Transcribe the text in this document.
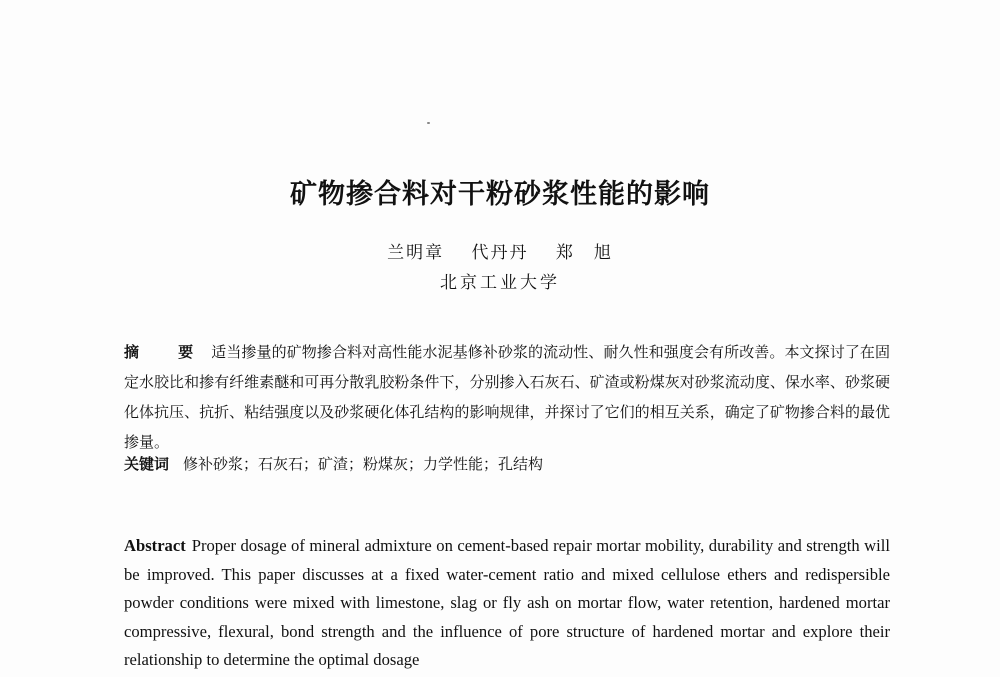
矿物掺合料对干粉砂浆性能的影响
兰明章 代丹丹 郑　旭
北京工业大学
摘　要 适当掺量的矿物掺合料对高性能水泥基修补砂浆的流动性、耐久性和强度会有所改善。本文探讨了在固定水胶比和掺有纤维素醚和可再分散乳胶粉条件下，分别掺入石灰石、矿渣或粉煤灰对砂浆流动度、保水率、砂浆硬化体抗压、抗折、粘结强度以及砂浆硬化体孔结构的影响规律，并探讨了它们的相互关系，确定了矿物掺合料的最优掺量。
关键词 修补砂浆；石灰石；矿渣；粉煤灰；力学性能；孔结构
Abstract Proper dosage of mineral admixture on cement-based repair mortar mobility, durability and strength will be improved. This paper discusses at a fixed water-cement ratio and mixed cellulose ethers and redispersible powder conditions were mixed with limestone, slag or fly ash on mortar flow, water retention, hardened mortar compressive, flexural, bond strength and the influence of pore structure of hardened mortar and explore their relationship to determine the optimal dosage
